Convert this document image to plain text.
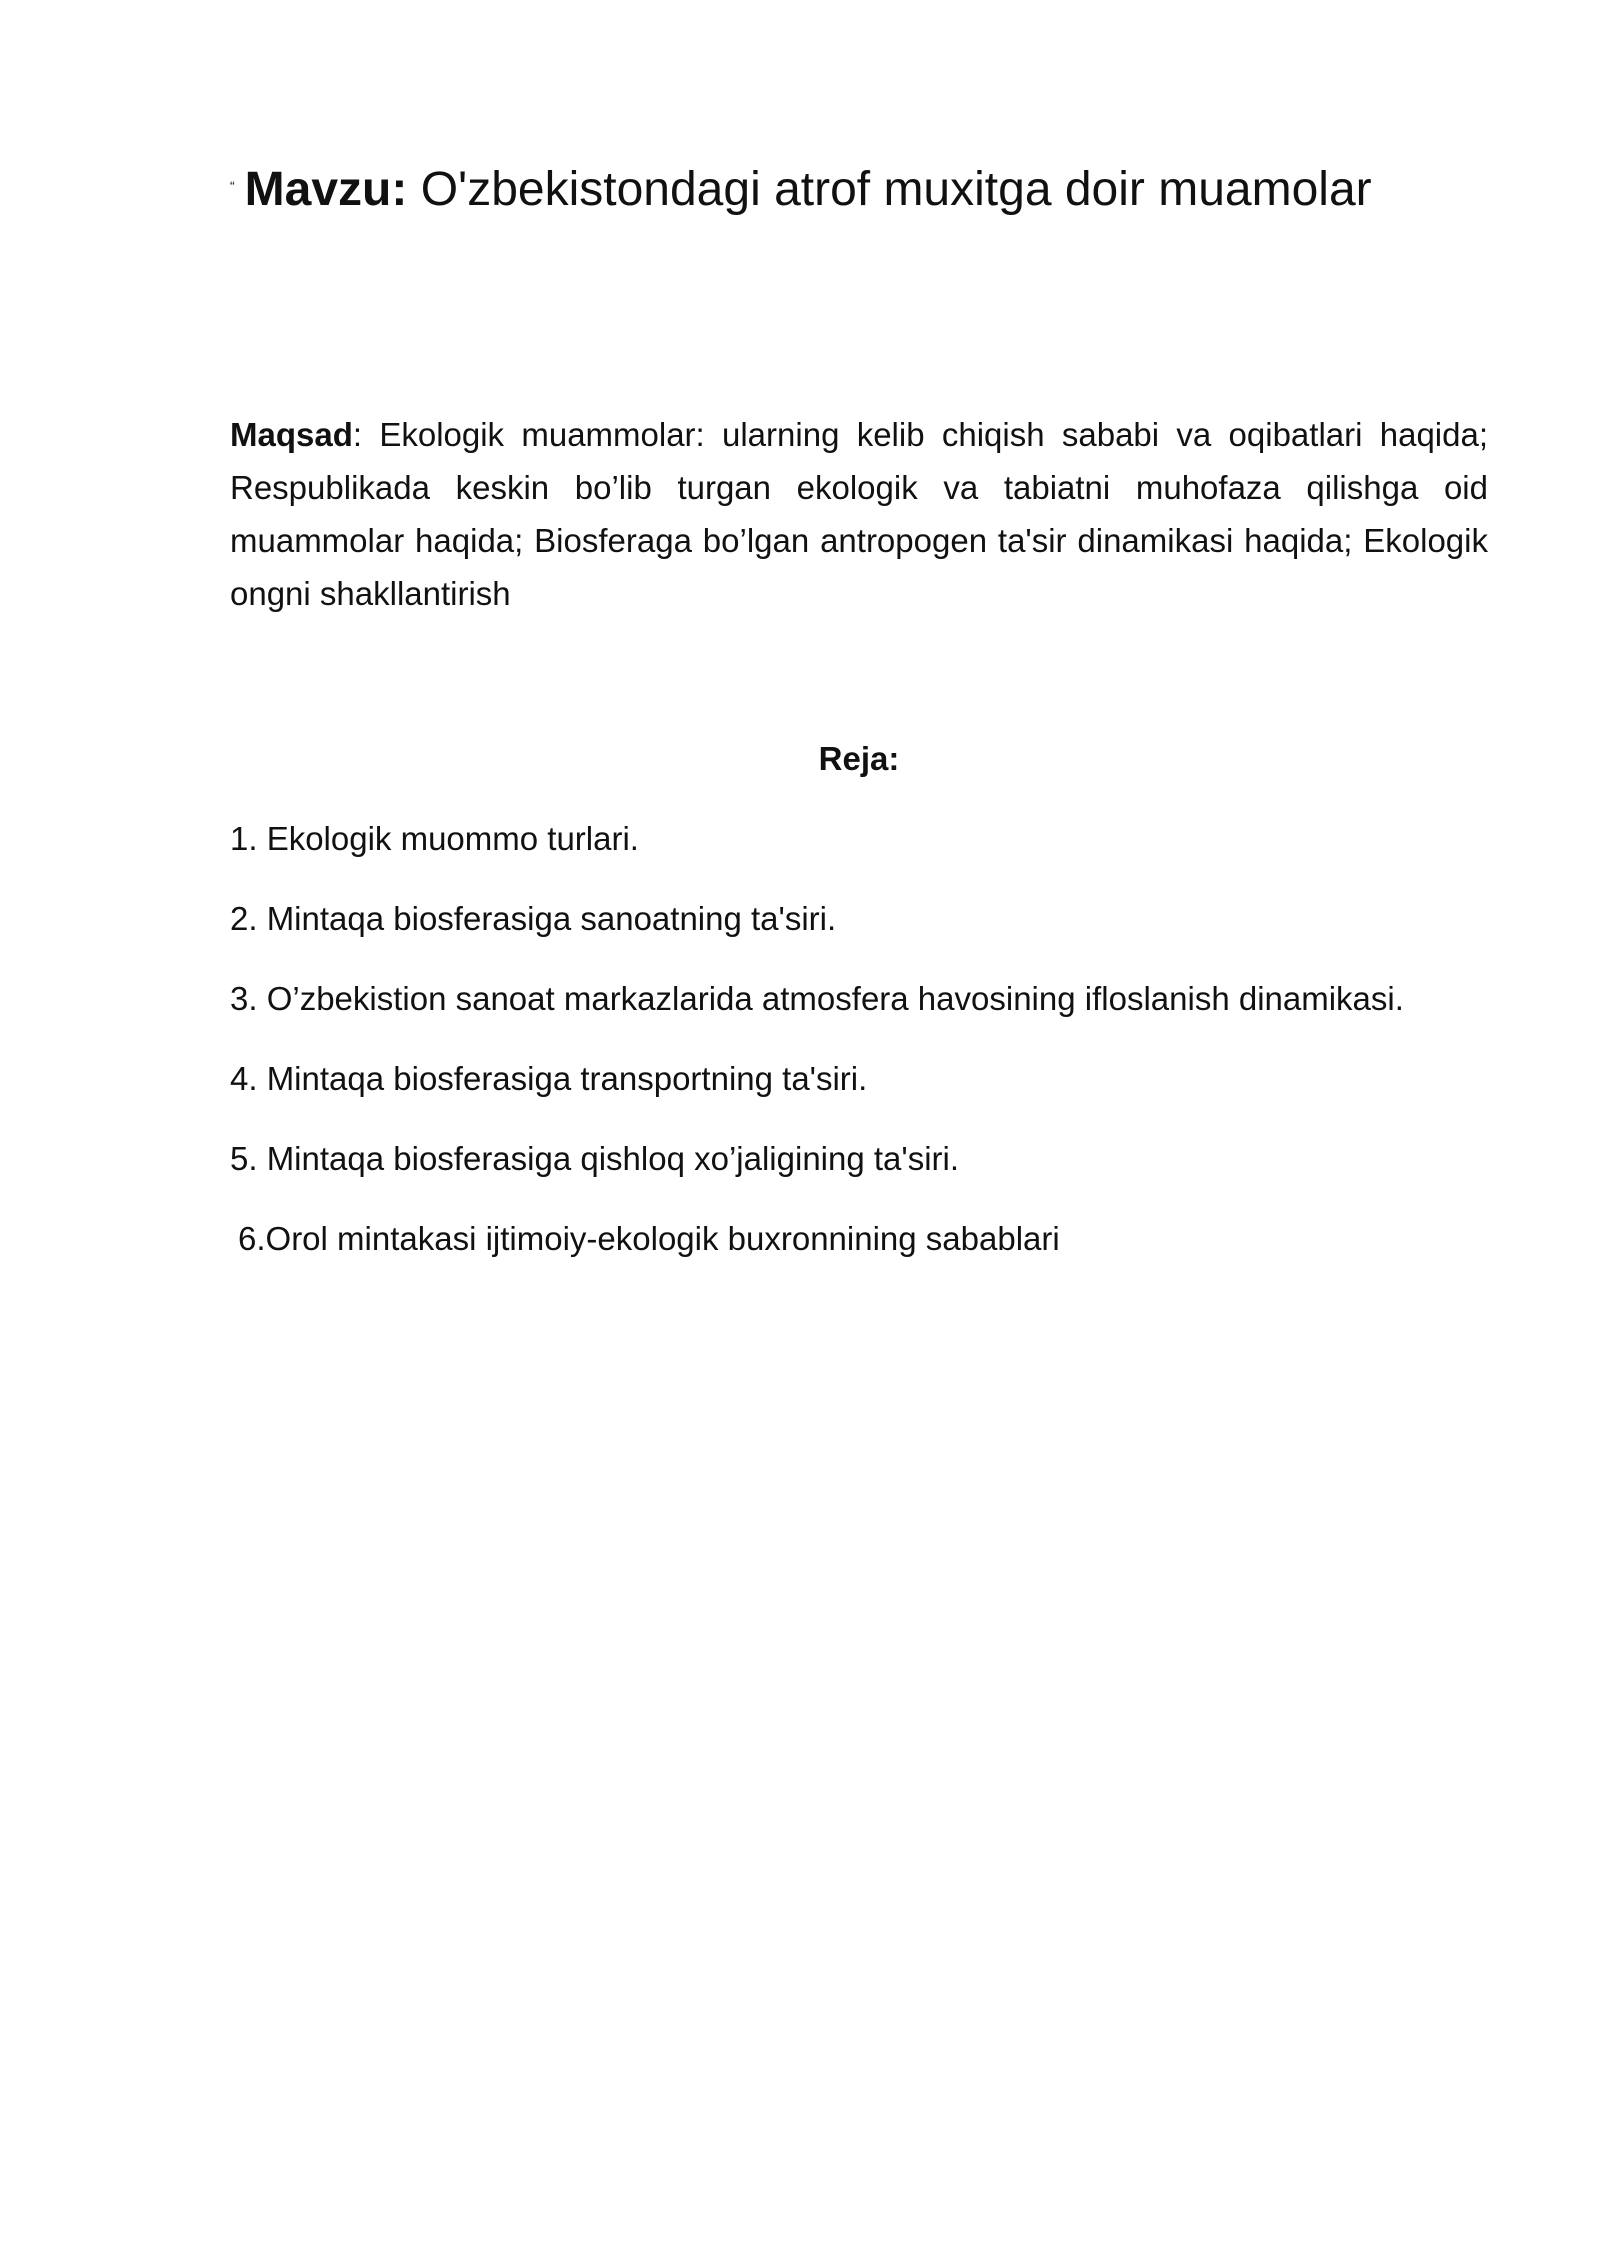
“ Mavzu: O'zbekistondagi atrof muxitga doir muamolar
Maqsad: Ekologik muammolar: ularning kelib chiqish sababi va oqibatlari haqida; Respublikada keskin bo’lib turgan ekologik va tabiatni muhofaza qilishga oid muammolar haqida; Biosferaga bo’lgan antropogen ta'sir dinamikasi haqida; Ekologik ongni shakllantirish
Reja:
1. Ekologik muommo turlari.
2. Mintaqa biosferasiga sanoatning ta'siri.
3. O’zbekistion sanoat markazlarida atmosfera havosining ifloslanish dinamikasi.
4. Mintaqa biosferasiga transportning ta'siri.
5. Mintaqa biosferasiga qishloq xo’jaligining ta'siri.
6.Orol mintakasi ijtimoiy-ekologik buxronnining sabablari
